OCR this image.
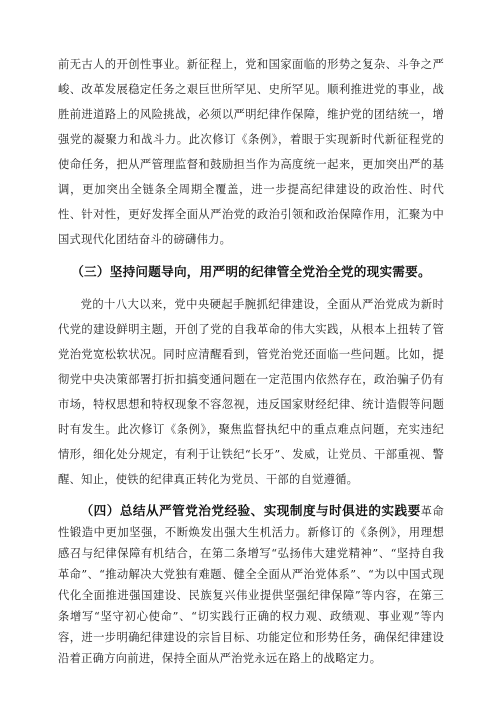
前无古人的开创性事业。新征程上，党和国家面临的形势之复杂、斗争之严峻、改革发展稳定任务之艰巨世所罕见、史所罕见。顺利推进党的事业，战胜前进道路上的风险挑战，必须以严明纪律作保障，维护党的团结统一，增强党的凝聚力和战斗力。此次修订《条例》，着眼于实现新时代新征程党的使命任务，把从严管理监督和鼓励担当作为高度统一起来，更加突出严的基调，更加突出全链条全周期全覆盖，进一步提高纪律建设的政治性、时代性、针对性，更好发挥全面从严治党的政治引领和政治保障作用，汇聚为中国式现代化团结奋斗的磅礴伟力。

（三）坚持问题导向，用严明的纪律管全党治全党的现实需要。

党的十八大以来，党中央硬起手腕抓纪律建设，全面从严治党成为新时代党的建设鲜明主题，开创了党的自我革命的伟大实践，从根本上扭转了管党治党宽松软状况。同时应清醒看到，管党治党还面临一些问题。比如，提彻党中央决策部署打折扣搞变通问题在一定范围内依然存在，政治骗子仍有市场，特权思想和特权现象不容忽视，违反国家财经纪律、统计造假等问题时有发生。此次修订《条例》，聚焦监督执纪中的重点难点问题，充实违纪情形，细化处分规定，有利于让铁纪“长牙”、发威，让党员、干部重视、警醒、知止，使铁的纪律真正转化为党员、干部的自觉遵循。

（四）总结从严管党治党经验、实现制度与时俱进的实践要革命性锻造中更加坚强，不断焕发出强大生机活力。新修订的《条例》，用理想感召与纪律保障有机结合，在第二条增写“弘扬伟大建党精神”、“坚持自我革命”、“推动解决大党独有难题、健全全面从严治党体系”、“为以中国式现代化全面推进强国建设、民族复兴伟业提供坚强纪律保障”等内容，在第三条增写“坚守初心使命”、“切实践行正确的权力观、政绩观、事业观”等内容，进一步明确纪律建设的宗旨目标、功能定位和形势任务，确保纪律建设沿着正确方向前进，保持全面从严治党永远在路上的战略定力。
